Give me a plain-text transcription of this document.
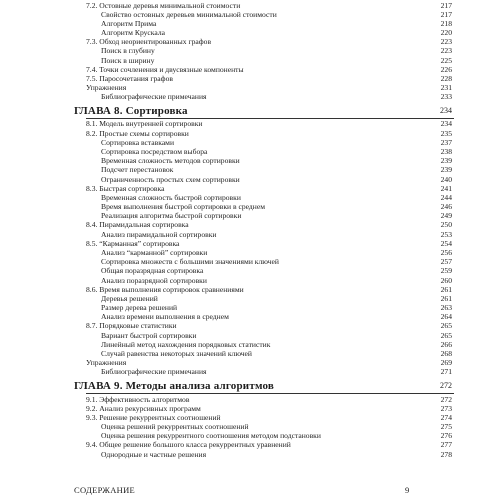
7.2. Остовные деревья минимальной стоимости	217
Свойство остовных деревьев минимальной стоимости	217
Алгоритм Прима	218
Алгоритм Крускала	220
7.3. Обход неориентированных графов	223
Поиск в глубину	223
Поиск в ширину	225
7.4. Точки сочленения и двусвязные компоненты	226
7.5. Паросочетания графов	228
Упражнения	231
Библиографические примечания	233
ГЛАВА 8. Сортировка	234
8.1. Модель внутренней сортировки	234
8.2. Простые схемы сортировки	235
Сортировка вставками	237
Сортировка посредством выбора	238
Временная сложность методов сортировки	239
Подсчет перестановок	239
Ограниченность простых схем сортировки	240
8.3. Быстрая сортировка	241
Временная сложность быстрой сортировки	244
Время выполнения быстрой сортировки в среднем	246
Реализация алгоритма быстрой сортировки	249
8.4. Пирамидальная сортировка	250
Анализ пирамидальной сортировки	253
8.5. “Карманная” сортировка	254
Анализ “карманной” сортировки	256
Сортировка множеств с большими значениями ключей	257
Общая поразрядная сортировка	259
Анализ поразрядной сортировки	260
8.6. Время выполнения сортировок сравнениями	261
Деревья решений	261
Размер дерева решений	263
Анализ времени выполнения в среднем	264
8.7. Порядковые статистики	265
Вариант быстрой сортировки	265
Линейный метод нахождения порядковых статистик	266
Случай равенства некоторых значений ключей	268
Упражнения	269
Библиографические примечания	271
ГЛАВА 9. Методы анализа алгоритмов	272
9.1. Эффективность алгоритмов	272
9.2. Анализ рекурсивных программ	273
9.3. Решение рекуррентных соотношений	274
Оценка решений рекуррентных соотношений	275
Оценка решения рекуррентного соотношения методом подстановки	276
9.4. Общее решение большого класса рекуррентных уравнений	277
Однородные и частные решения	278
СОДЕРЖАНИЕ	9
